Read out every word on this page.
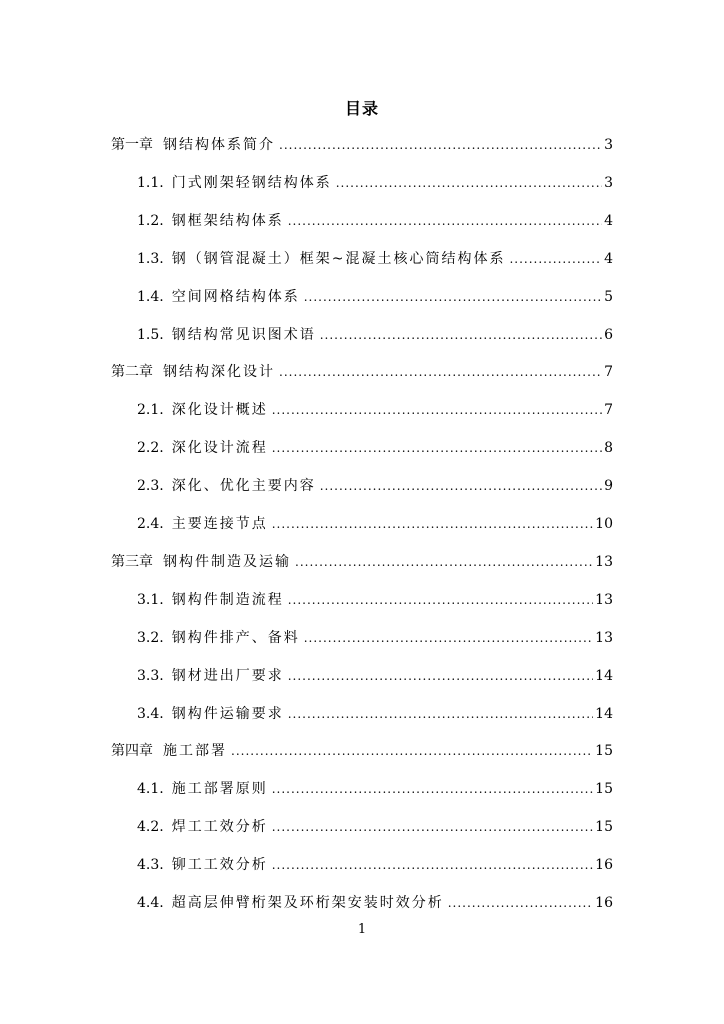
目录
第一章 钢结构体系简介 .....	3
1.1. 门式刚架轻钢结构体系 .....	3
1.2. 钢框架结构体系 .....	4
1.3. 钢（钢管混凝土）框架~混凝土核心筒结构体系 .....	4
1.4. 空间网格结构体系 .....	5
1.5. 钢结构常见识图术语 .....	6
第二章 钢结构深化设计 .....	7
2.1. 深化设计概述 .....	7
2.2. 深化设计流程 .....	8
2.3. 深化、优化主要内容 .....	9
2.4. 主要连接节点 .....	10
第三章 钢构件制造及运输 .....	13
3.1. 钢构件制造流程 .....	13
3.2. 钢构件排产、备料 .....	13
3.3. 钢材进出厂要求 .....	14
3.4. 钢构件运输要求 .....	14
第四章 施工部署 .....	15
4.1. 施工部署原则 .....	15
4.2. 焊工工效分析 .....	15
4.3. 铆工工效分析 .....	16
4.4. 超高层伸臂桁架及环桁架安装时效分析 .....	16
1
